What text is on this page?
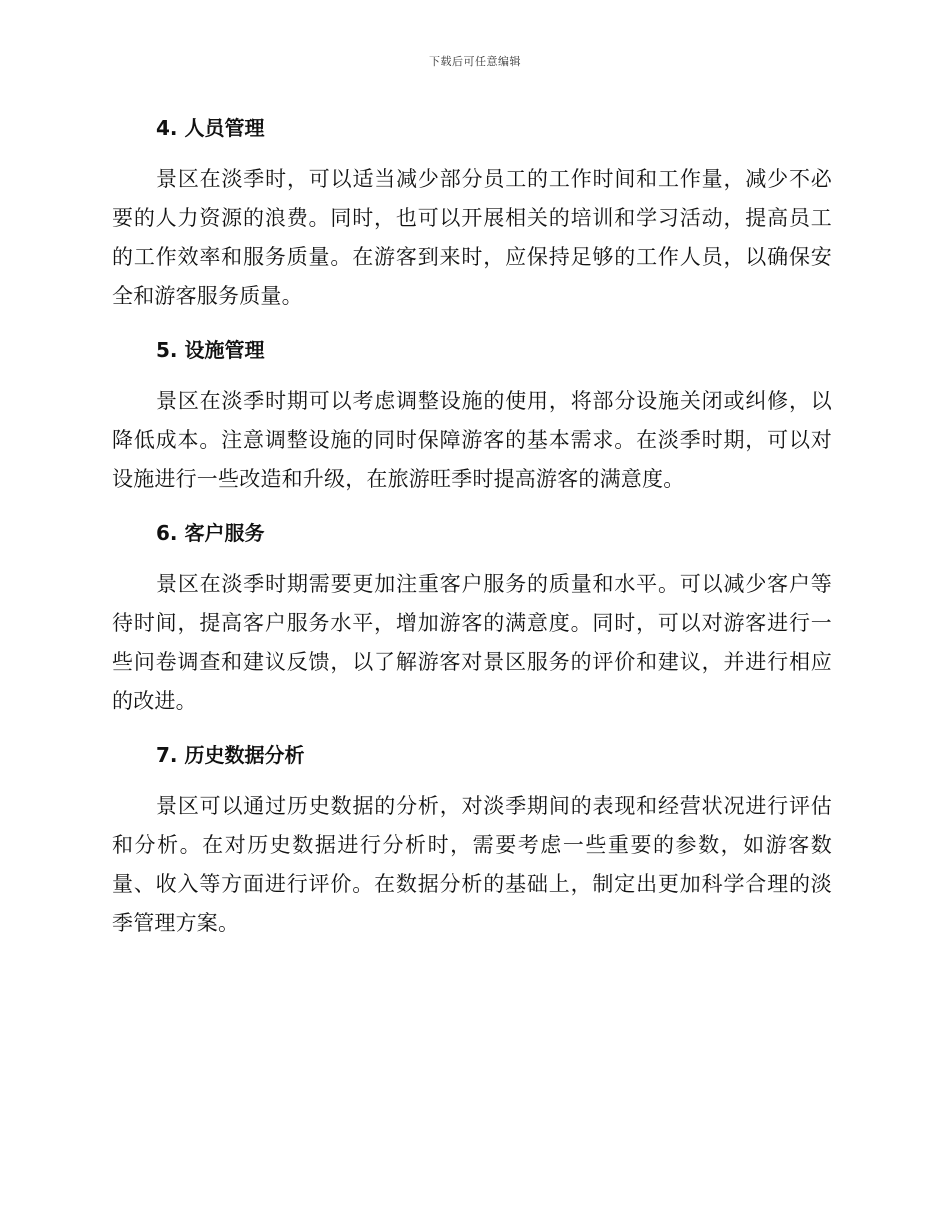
下载后可任意编辑
4. 人员管理

景区在淡季时，可以适当减少部分员工的工作时间和工作量，减少不必要的人力资源的浪费。同时，也可以开展相关的培训和学习活动，提高员工的工作效率和服务质量。在游客到来时，应保持足够的工作人员，以确保安全和游客服务质量。

5. 设施管理

景区在淡季时期可以考虑调整设施的使用，将部分设施关闭或纠修，以降低成本。注意调整设施的同时保障游客的基本需求。在淡季时期，可以对设施进行一些改造和升级，在旅游旺季时提高游客的满意度。

6. 客户服务

景区在淡季时期需要更加注重客户服务的质量和水平。可以减少客户等待时间，提高客户服务水平，增加游客的满意度。同时，可以对游客进行一些问卷调查和建议反馈，以了解游客对景区服务的评价和建议，并进行相应的改进。

7. 历史数据分析

景区可以通过历史数据的分析，对淡季期间的表现和经营状况进行评估和分析。在对历史数据进行分析时，需要考虑一些重要的参数，如游客数量、收入等方面进行评价。在数据分析的基础上，制定出更加科学合理的淡季管理方案。
